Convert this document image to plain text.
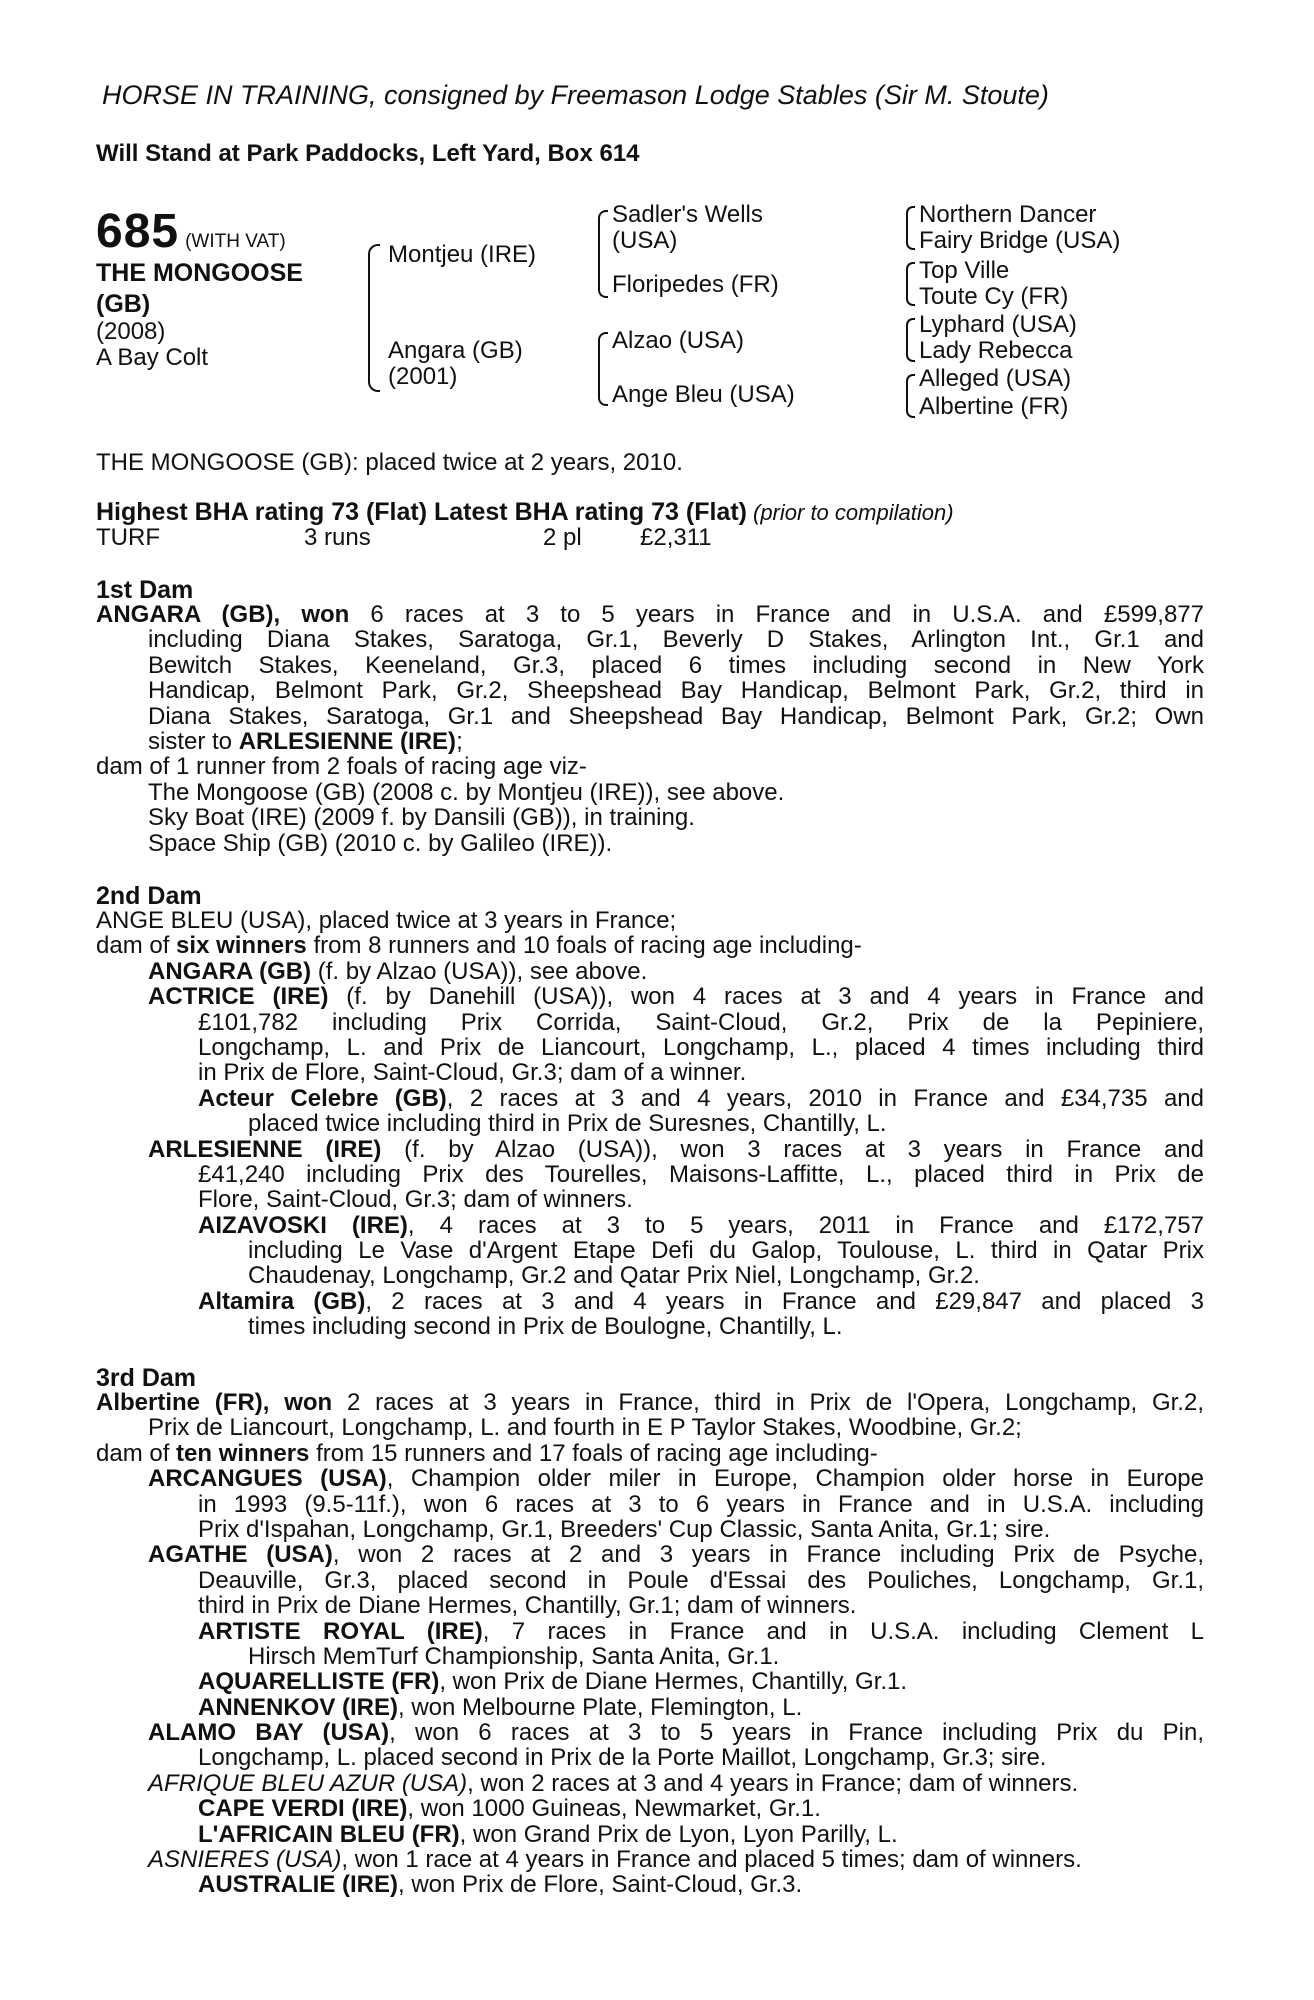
HORSE IN TRAINING, consigned by Freemason Lodge Stables (Sir M. Stoute)
Will Stand at Park Paddocks, Left Yard, Box 614
685 (WITH VAT)
THE MONGOOSE
(GB)
(2008)
A Bay Colt
Montjeu (IRE)
Angara (GB)
(2001)
Sadler's Wells
(USA)
Floripedes (FR)
Alzao (USA)
Ange Bleu (USA)
Northern Dancer
Fairy Bridge (USA)
Top Ville
Toute Cy (FR)
Lyphard (USA)
Lady Rebecca
Alleged (USA)
Albertine (FR)
THE MONGOOSE (GB): placed twice at 2 years, 2010.
Highest BHA rating 73 (Flat) Latest BHA rating 73 (Flat) (prior to compilation)
TURF	3 runs	2 pl £2,311
1st Dam
ANGARA (GB), won 6 races at 3 to 5 years in France and in U.S.A. and £599,877
including Diana Stakes, Saratoga, Gr.1, Beverly D Stakes, Arlington Int., Gr.1 and
Bewitch Stakes, Keeneland, Gr.3, placed 6 times including second in New York
Handicap, Belmont Park, Gr.2, Sheepshead Bay Handicap, Belmont Park, Gr.2, third in
Diana Stakes, Saratoga, Gr.1 and Sheepshead Bay Handicap, Belmont Park, Gr.2; Own
sister to ARLESIENNE (IRE);
dam of 1 runner from 2 foals of racing age viz-
The Mongoose (GB) (2008 c. by Montjeu (IRE)), see above.
Sky Boat (IRE) (2009 f. by Dansili (GB)), in training.
Space Ship (GB) (2010 c. by Galileo (IRE)).
2nd Dam
ANGE BLEU (USA), placed twice at 3 years in France;
dam of six winners from 8 runners and 10 foals of racing age including-
ANGARA (GB) (f. by Alzao (USA)), see above.
ACTRICE (IRE) (f. by Danehill (USA)), won 4 races at 3 and 4 years in France and
£101,782 including Prix Corrida, Saint-Cloud, Gr.2, Prix de la Pepiniere,
Longchamp, L. and Prix de Liancourt, Longchamp, L., placed 4 times including third
in Prix de Flore, Saint-Cloud, Gr.3; dam of a winner.
Acteur Celebre (GB), 2 races at 3 and 4 years, 2010 in France and £34,735 and
placed twice including third in Prix de Suresnes, Chantilly, L.
ARLESIENNE (IRE) (f. by Alzao (USA)), won 3 races at 3 years in France and
£41,240 including Prix des Tourelles, Maisons-Laffitte, L., placed third in Prix de
Flore, Saint-Cloud, Gr.3; dam of winners.
AIZAVOSKI (IRE), 4 races at 3 to 5 years, 2011 in France and £172,757
including Le Vase d'Argent Etape Defi du Galop, Toulouse, L. third in Qatar Prix
Chaudenay, Longchamp, Gr.2 and Qatar Prix Niel, Longchamp, Gr.2.
Altamira (GB), 2 races at 3 and 4 years in France and £29,847 and placed 3
times including second in Prix de Boulogne, Chantilly, L.
3rd Dam
Albertine (FR), won 2 races at 3 years in France, third in Prix de l'Opera, Longchamp, Gr.2,
Prix de Liancourt, Longchamp, L. and fourth in E P Taylor Stakes, Woodbine, Gr.2;
dam of ten winners from 15 runners and 17 foals of racing age including-
ARCANGUES (USA), Champion older miler in Europe, Champion older horse in Europe
in 1993 (9.5-11f.), won 6 races at 3 to 6 years in France and in U.S.A. including
Prix d'Ispahan, Longchamp, Gr.1, Breeders' Cup Classic, Santa Anita, Gr.1; sire.
AGATHE (USA), won 2 races at 2 and 3 years in France including Prix de Psyche,
Deauville, Gr.3, placed second in Poule d'Essai des Pouliches, Longchamp, Gr.1,
third in Prix de Diane Hermes, Chantilly, Gr.1; dam of winners.
ARTISTE ROYAL (IRE), 7 races in France and in U.S.A. including Clement L
Hirsch MemTurf Championship, Santa Anita, Gr.1.
AQUARELLISTE (FR), won Prix de Diane Hermes, Chantilly, Gr.1.
ANNENKOV (IRE), won Melbourne Plate, Flemington, L.
ALAMO BAY (USA), won 6 races at 3 to 5 years in France including Prix du Pin,
Longchamp, L. placed second in Prix de la Porte Maillot, Longchamp, Gr.3; sire.
AFRIQUE BLEU AZUR (USA), won 2 races at 3 and 4 years in France; dam of winners.
CAPE VERDI (IRE), won 1000 Guineas, Newmarket, Gr.1.
L'AFRICAIN BLEU (FR), won Grand Prix de Lyon, Lyon Parilly, L.
ASNIERES (USA), won 1 race at 4 years in France and placed 5 times; dam of winners.
AUSTRALIE (IRE), won Prix de Flore, Saint-Cloud, Gr.3.
